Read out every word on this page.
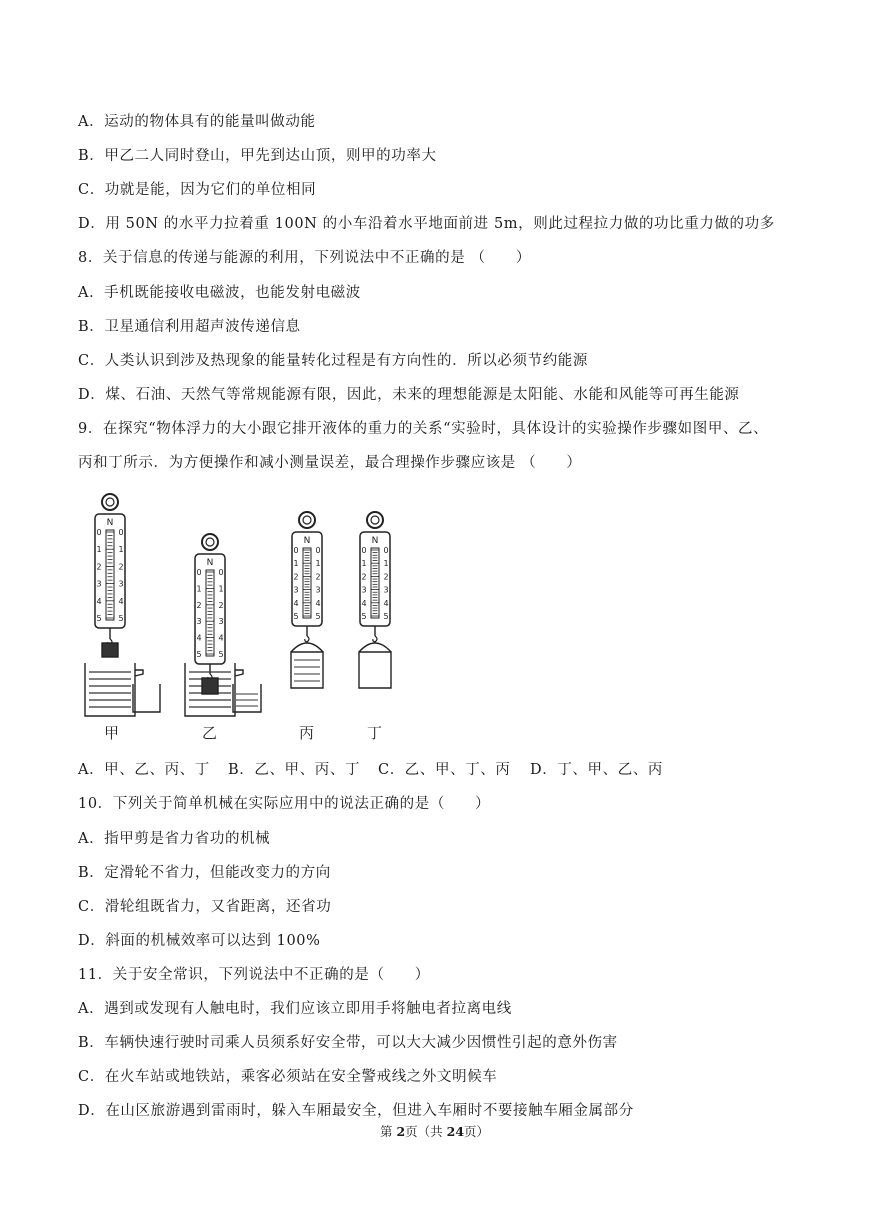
A．运动的物体具有的能量叫做动能
B．甲乙二人同时登山，甲先到达山顶，则甲的功率大
C．功就是能，因为它们的单位相同
D．用 50N 的水平力拉着重 100N 的小车沿着水平地面前进 5m，则此过程拉力做的功比重力做的功多
8．关于信息的传递与能源的利用，下列说法中不正确的是 （　　）
A．手机既能接收电磁波，也能发射电磁波
B．卫星通信利用超声波传递信息
C．人类认识到涉及热现象的能量转化过程是有方向性的．所以必须节约能源
D．煤、石油、天然气等常规能源有限，因此，未来的理想能源是太阳能、水能和风能等可再生能源
9．在探究“物体浮力的大小跟它排开液体的重力的关系“实验时，具体设计的实验操作步骤如图甲、乙、
丙和丁所示．为方便操作和减小测量误差，最合理操作步骤应该是 （　　）
N
0 0
1 1
2 2
3 3
4 4
5 5
N
0 0
1 1
2 2
3 3
4 4
5 5
N
0 0
1 1
2 2
3 3
4 4
5 5
N
0 0
1 1
2 2
3 3
4 4
5 5
甲	乙	丙	丁
A．甲、乙、丙、丁 B．乙、甲、丙、丁 C．乙、甲、丁、丙 D．丁、甲、乙、丙
10．下列关于简单机械在实际应用中的说法正确的是（　　）
A．指甲剪是省力省功的机械
B．定滑轮不省力，但能改变力的方向
C．滑轮组既省力，又省距离，还省功
D．斜面的机械效率可以达到 100%
11．关于安全常识，下列说法中不正确的是（　　）
A．遇到或发现有人触电时，我们应该立即用手将触电者拉离电线
B．车辆快速行驶时司乘人员须系好安全带，可以大大减少因惯性引起的意外伤害
C．在火车站或地铁站，乘客必须站在安全警戒线之外文明候车
D．在山区旅游遇到雷雨时，躲入车厢最安全，但进入车厢时不要接触车厢金属部分
第 2页（共 24页）
